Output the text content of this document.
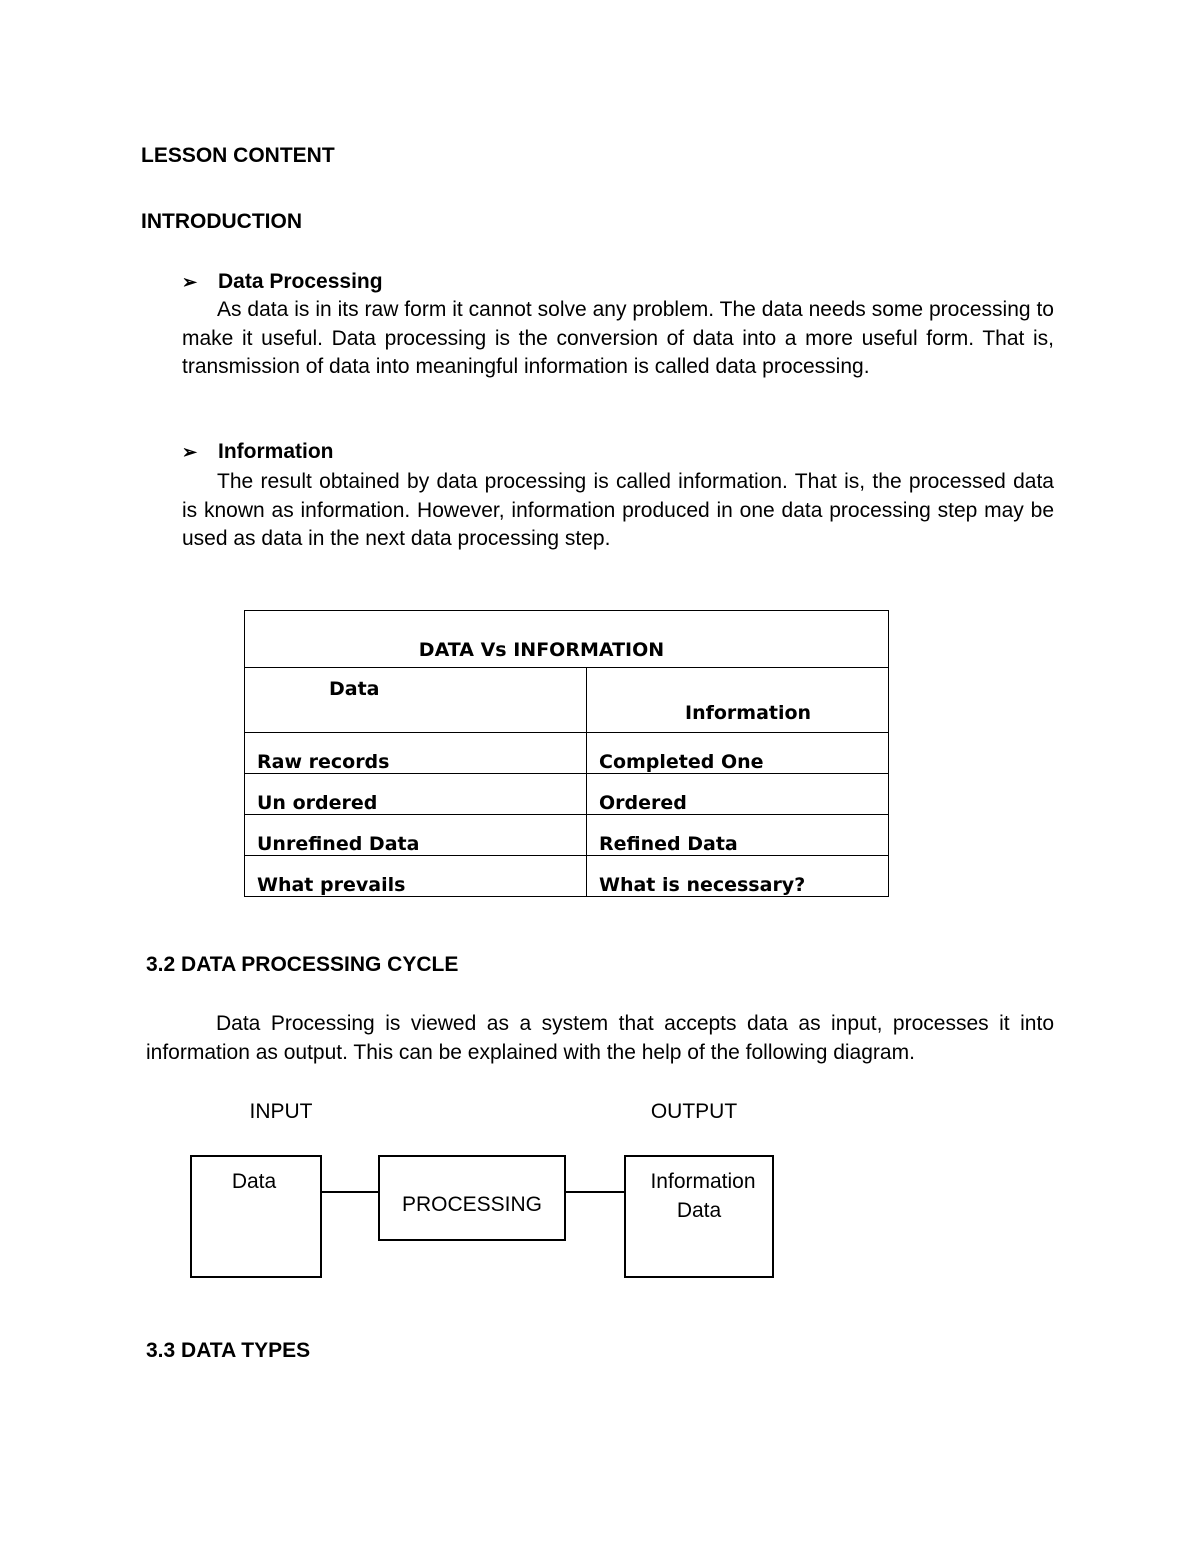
LESSON CONTENT
INTRODUCTION
➢ Data Processing

As data is in its raw form it cannot solve any problem. The data needs some processing to make it useful. Data processing is the conversion of data into a more useful form. That is, transmission of data into meaningful information is called data processing.

➢ Information

The result obtained by data processing is called information. That is, the processed data is known as information. However, information produced in one data processing step may be used as data in the next data processing step.

DATA Vs INFORMATION	
Data	Information
Raw records	Completed One
Un ordered	Ordered
Unrefined Data	Refined Data
What prevails	What is necessary?
3.2 DATA PROCESSING CYCLE

Data Processing is viewed as a system that accepts data as input, processes it into information as output. This can be explained with the help of the following diagram.

INPUT	OUTPUT
Data
PROCESSING
Information
Data
3.3 DATA TYPES
